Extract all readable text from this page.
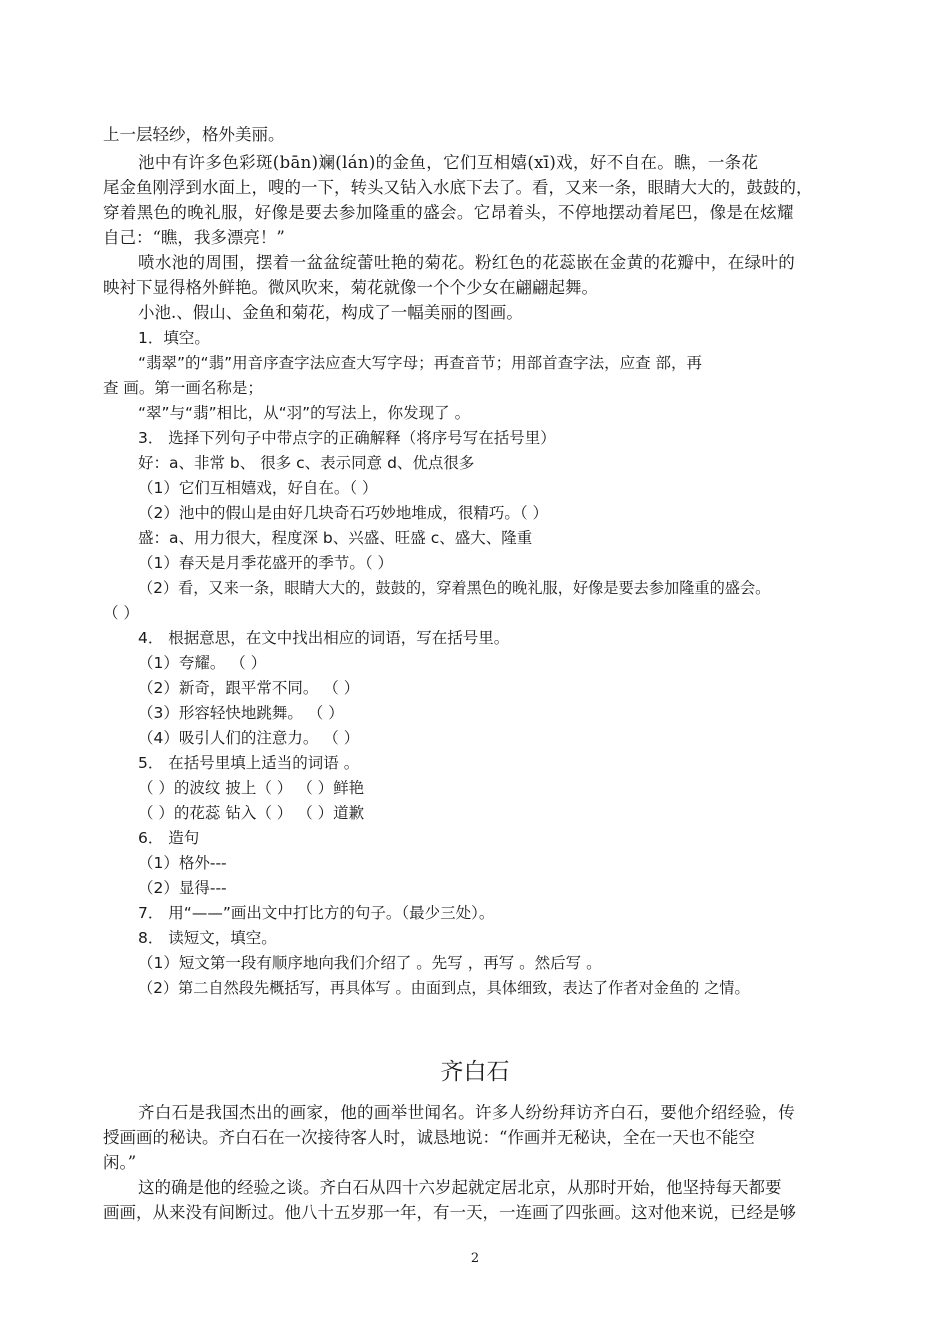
上一层轻纱，格外美丽。
池中有许多色彩斑(bān)斓(lán)的金鱼，它们互相嬉(xī)戏，好不自在。瞧，一条花
尾金鱼刚浮到水面上，嗖的一下，转头又钻入水底下去了。看，又来一条，眼睛大大的，鼓鼓的，
穿着黑色的晚礼服，好像是要去参加隆重的盛会。它昂着头，不停地摆动着尾巴，像是在炫耀
自己：“瞧，我多漂亮！”
喷水池的周围，摆着一盆盆绽蕾吐艳的菊花。粉红色的花蕊嵌在金黄的花瓣中，在绿叶的
映衬下显得格外鲜艳。微风吹来，菊花就像一个个少女在翩翩起舞。
小池.、假山、金鱼和菊花，构成了一幅美丽的图画。
1．填空。
“翡翠”的“翡”用音序查字法应查大写字母；再查音节；用部首查字法，应查 部，再
查 画。第一画名称是；
“翠”与“翡”相比，从“羽”的写法上，你发现了 。
3． 选择下列句子中带点字的正确解释（将序号写在括号里）
好：a、非常 b、 很多 c、表示同意 d、优点很多
（1）它们互相嬉戏，好自在。（ ）
（2）池中的假山是由好几块奇石巧妙地堆成，很精巧。（ ）
盛：a、用力很大，程度深 b、兴盛、旺盛 c、盛大、隆重
（1）春天是月季花盛开的季节。（ ）
（2）看，又来一条，眼睛大大的，鼓鼓的，穿着黑色的晚礼服，好像是要去参加隆重的盛会。
（ ）
4． 根据意思，在文中找出相应的词语，写在括号里。
（1）夸耀。 （ ）
（2）新奇，跟平常不同。 （ ）
（3）形容轻快地跳舞。 （ ）
（4）吸引人们的注意力。 （ ）
5． 在括号里填上适当的词语 。
（ ）的波纹 披上（ ） （ ）鲜艳
（ ）的花蕊 钻入（ ） （ ）道歉
6． 造句
（1）格外---
（2）显得---
7． 用“——”画出文中打比方的句子。（最少三处）。
8． 读短文，填空。
（1）短文第一段有顺序地向我们介绍了 。先写 ，再写 。然后写 。
（2）第二自然段先概括写，再具体写 。由面到点，具体细致，表达了作者对金鱼的 之情。
齐白石
齐白石是我国杰出的画家，他的画举世闻名。许多人纷纷拜访齐白石，要他介绍经验，传
授画画的秘诀。齐白石在一次接待客人时，诚恳地说：“作画并无秘诀，全在一天也不能空
闲。”
这的确是他的经验之谈。齐白石从四十六岁起就定居北京，从那时开始，他坚持每天都要
画画，从来没有间断过。他八十五岁那一年，有一天，一连画了四张画。这对他来说，已经是够
2
